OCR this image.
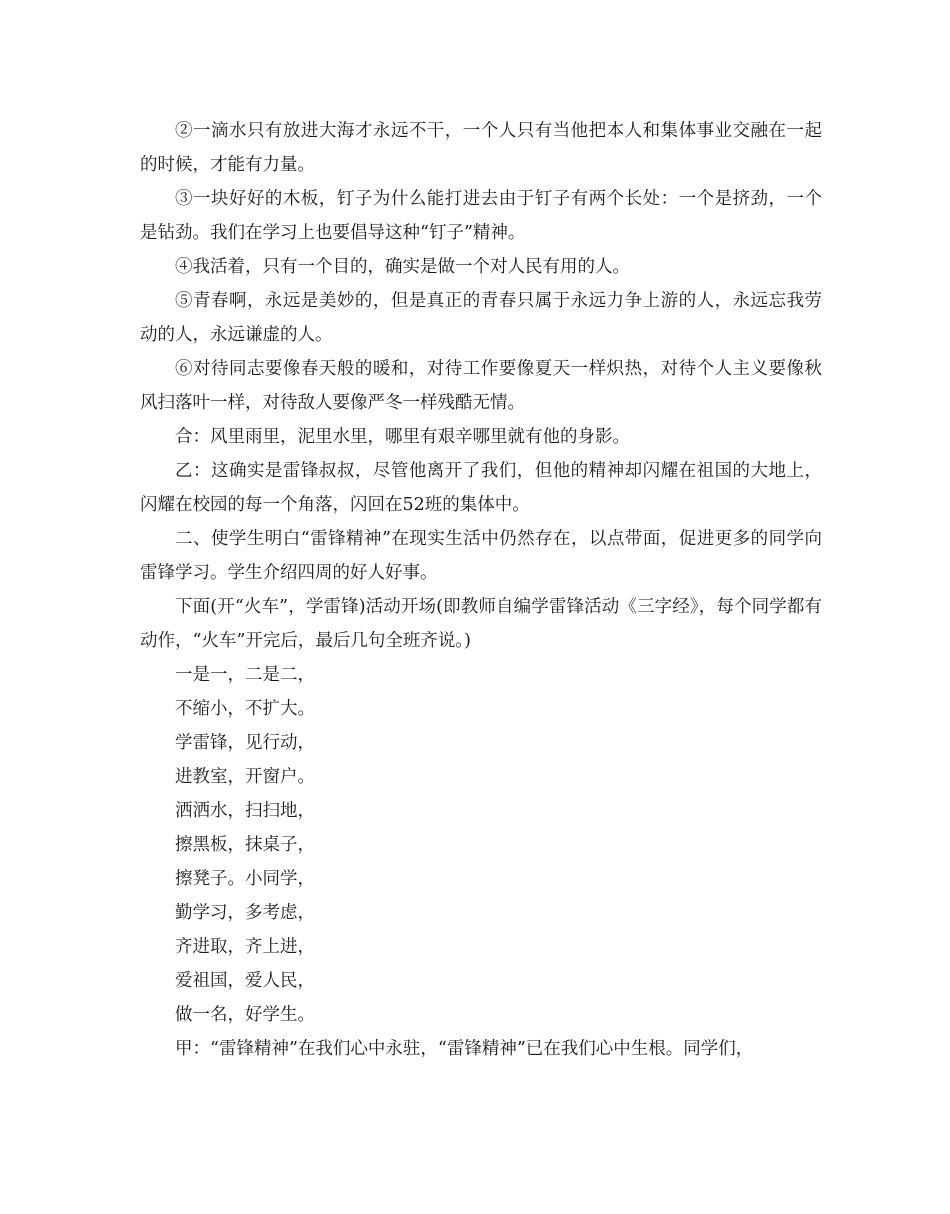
②一滴水只有放进大海才永远不干，一个人只有当他把本人和集体事业交融在一起的时候，才能有力量。

③一块好好的木板，钉子为什么能打进去由于钉子有两个长处：一个是挤劲，一个是钻劲。我们在学习上也要倡导这种“钉子”精神。

④我活着，只有一个目的，确实是做一个对人民有用的人。

⑤青春啊，永远是美妙的，但是真正的青春只属于永远力争上游的人，永远忘我劳动的人，永远谦虚的人。

⑥对待同志要像春天般的暖和，对待工作要像夏天一样炽热，对待个人主义要像秋风扫落叶一样，对待敌人要像严冬一样残酷无情。

合：风里雨里，泥里水里，哪里有艰辛哪里就有他的身影。

乙：这确实是雷锋叔叔，尽管他离开了我们，但他的精神却闪耀在祖国的大地上，闪耀在校园的每一个角落，闪回在52班的集体中。

二、使学生明白“雷锋精神”在现实生活中仍然存在，以点带面，促进更多的同学向雷锋学习。学生介绍四周的好人好事。

下面(开“火车”，学雷锋)活动开场(即教师自编学雷锋活动《三字经》，每个同学都有动作，“火车”开完后，最后几句全班齐说。)

一是一，二是二，

不缩小，不扩大。

学雷锋，见行动，

进教室，开窗户。

洒洒水，扫扫地，

擦黑板，抹桌子，

擦凳子。小同学，

勤学习，多考虑，

齐进取，齐上进，

爱祖国，爱人民，

做一名，好学生。

甲：“雷锋精神”在我们心中永驻，“雷锋精神”已在我们心中生根。同学们，
